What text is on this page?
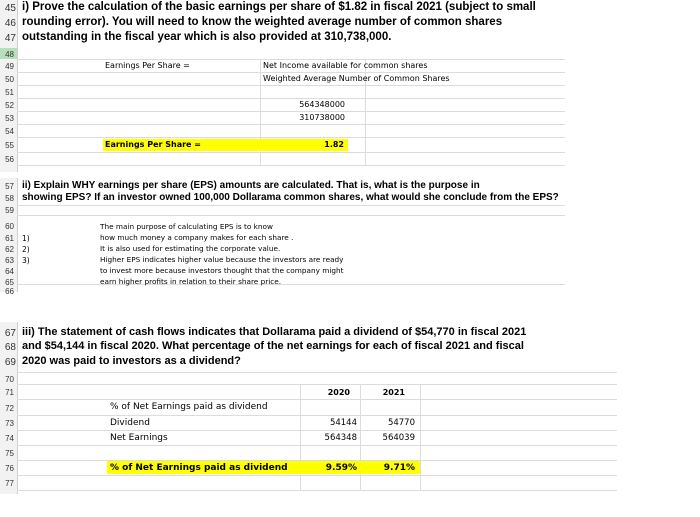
45
46
47
48
49
50
51
52
53
54
55
56
i) Prove the calculation of the basic earnings per share of $1.82 in fiscal 2021 (subject to small
rounding error). You will need to know the weighted average number of common shares
outstanding in the fiscal year which is also provided at 310,738,000.
Earnings Per Share =	Net Income available for common shares
Weighted Average Number of Common Shares
564348000
310738000
Earnings Per Share =	1.82
57
58
59
60
61
62
63
64
65
66
ii) Explain WHY earnings per share (EPS) amounts are calculated. That is, what is the purpose in
showing EPS? If an investor owned 100,000 Dollarama common shares, what would she conclude from the EPS?
1)
2)
3)
The main purpose of calculating EPS is to know
how much money a company makes for each share .
It is also used for estimating the corporate value.
Higher EPS indicates higher value because the investors are ready
to invest more because investors thought that the company might
earn higher profits in relation to their share price.
67
68
69
70
71
72
73
74
75
76
77
iii) The statement of cash flows indicates that Dollarama paid a dividend of $54,770 in fiscal 2021
and $54,144 in fiscal 2020. What percentage of the net earnings for each of fiscal 2021 and fiscal
2020 was paid to investors as a dividend?
2020	2021
% of Net Earnings paid as dividend
Dividend	54144	54770
Net Earnings	564348	564039
% of Net Earnings paid as dividend	9.59%	9.71%
